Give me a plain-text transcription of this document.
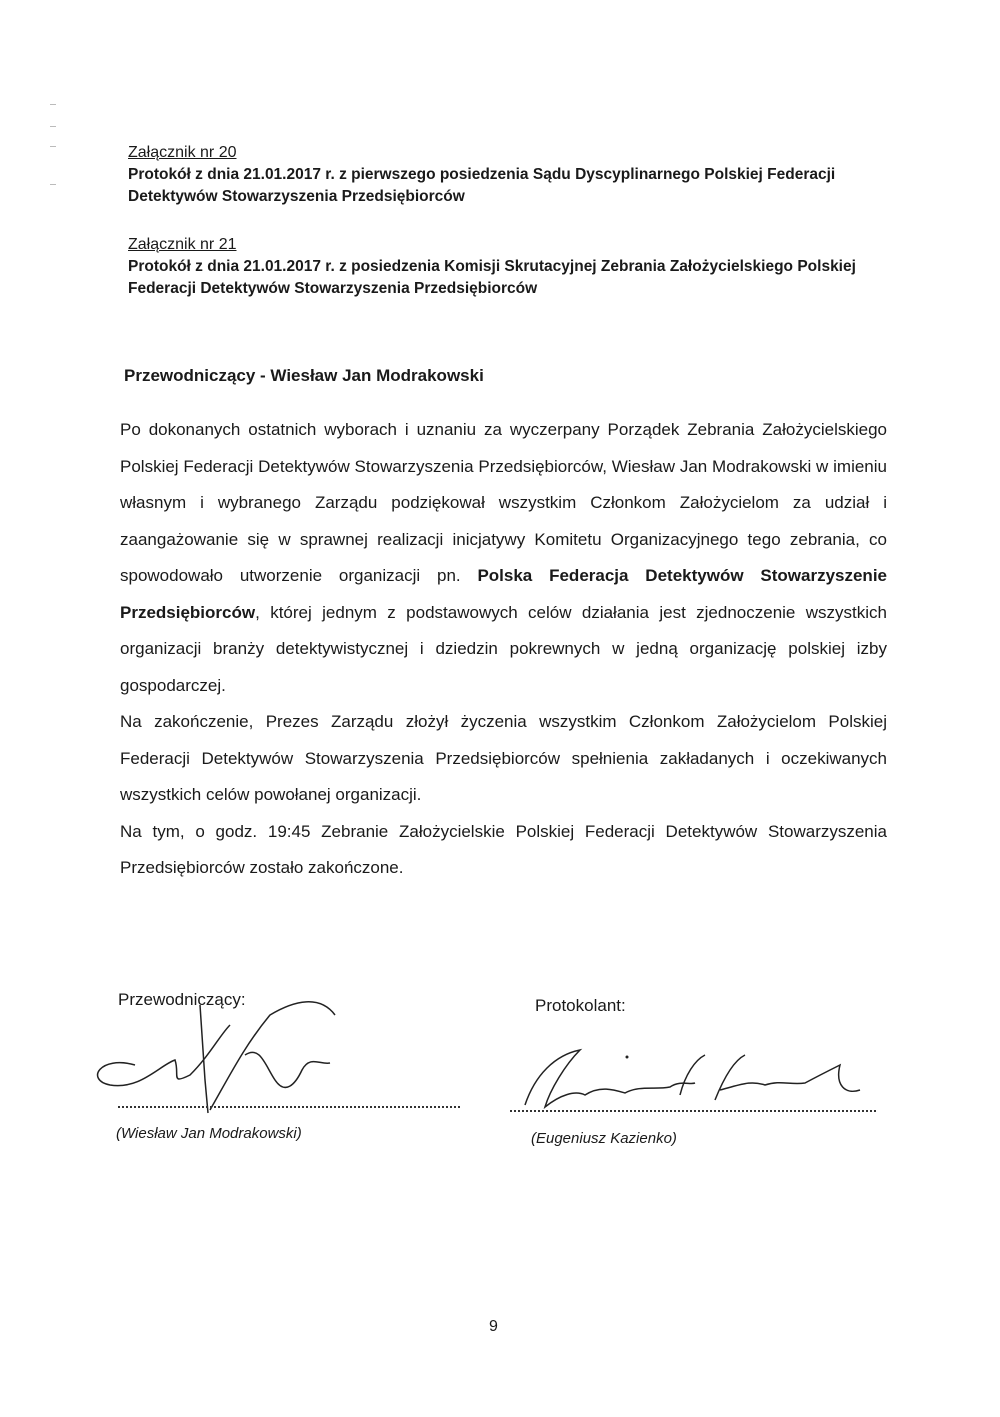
Załącznik nr 20
Protokół z dnia 21.01.2017 r. z pierwszego posiedzenia Sądu Dyscyplinarnego Polskiej Federacji Detektywów Stowarzyszenia Przedsiębiorców
Załącznik nr 21
Protokół z dnia 21.01.2017 r. z posiedzenia Komisji Skrutacyjnej Zebrania Założycielskiego Polskiej Federacji Detektywów Stowarzyszenia Przedsiębiorców
Przewodniczący - Wiesław Jan Modrakowski

Po dokonanych ostatnich wyborach i uznaniu za wyczerpany Porządek Zebrania Założycielskiego Polskiej Federacji Detektywów Stowarzyszenia Przedsiębiorców, Wiesław Jan Modrakowski w imieniu własnym i wybranego Zarządu podziękował wszystkim Członkom Założycielom za udział i zaangażowanie się w sprawnej realizacji inicjatywy Komitetu Organizacyjnego tego zebrania, co spowodowało utworzenie organizacji pn. Polska Federacja Detektywów Stowarzyszenie Przedsiębiorców, której jednym z podstawowych celów działania jest zjednoczenie wszystkich organizacji branży detektywistycznej i dziedzin pokrewnych w jedną organizację polskiej izby gospodarczej.

Na zakończenie, Prezes Zarządu złożył życzenia wszystkim Członkom Założycielom Polskiej Federacji Detektywów Stowarzyszenia Przedsiębiorców spełnienia zakładanych i oczekiwanych wszystkich celów powołanej organizacji.

Na tym, o godz. 19:45 Zebranie Założycielskie Polskiej Federacji Detektywów Stowarzyszenia Przedsiębiorców zostało zakończone.

Przewodniczący:
(Wiesław Jan Modrakowski)
Protokolant:
(Eugeniusz Kazienko)
9
